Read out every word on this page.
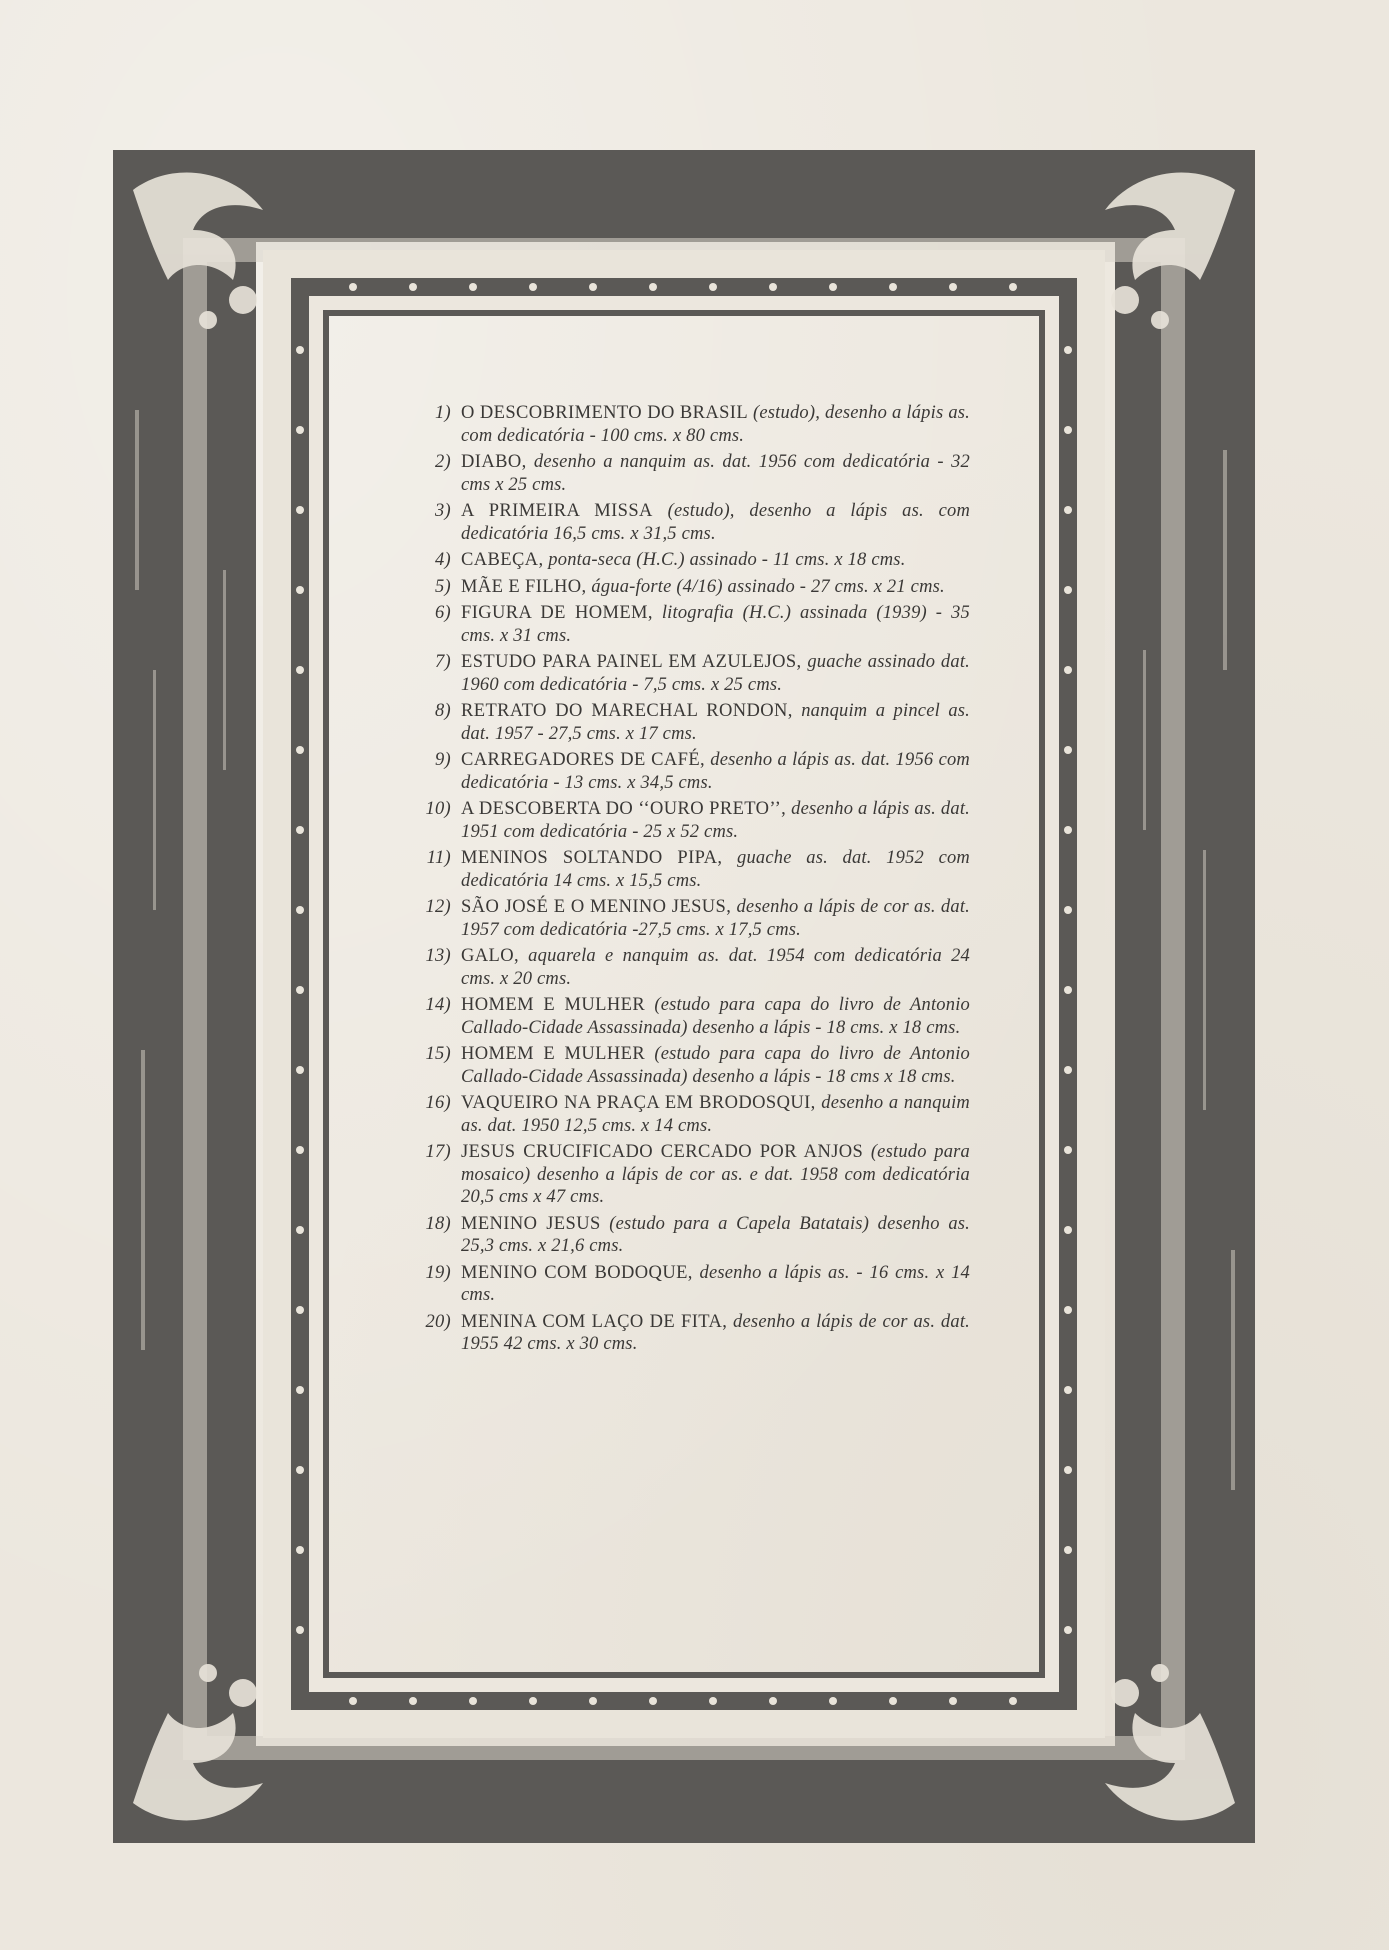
1) O DESCOBRIMENTO DO BRASIL (estudo), desenho a lápis as. com dedicatória - 100 cms. x 80 cms.
2) DIABO, desenho a nanquim as. dat. 1956 com dedicatória - 32 cms x 25 cms.
3) A PRIMEIRA MISSA (estudo), desenho a lápis as. com dedicatória 16,5 cms. x 31,5 cms.
4) CABEÇA, ponta-seca (H.C.) assinado - 11 cms. x 18 cms.
5) MÃE E FILHO, água-forte (4/16) assinado - 27 cms. x 21 cms.
6) FIGURA DE HOMEM, litografia (H.C.) assinada (1939) - 35 cms. x 31 cms.
7) ESTUDO PARA PAINEL EM AZULEJOS, guache assinado dat. 1960 com dedicatória - 7,5 cms. x 25 cms.
8) RETRATO DO MARECHAL RONDON, nanquim a pincel as. dat. 1957 - 27,5 cms. x 17 cms.
9) CARREGADORES DE CAFÉ, desenho a lápis as. dat. 1956 com dedicatória - 13 cms. x 34,5 cms.
10) A DESCOBERTA DO ‘‘OURO PRETO’’, desenho a lápis as. dat. 1951 com dedicatória - 25 x 52 cms.
11) MENINOS SOLTANDO PIPA, guache as. dat. 1952 com dedicatória 14 cms. x 15,5 cms.
12) SÃO JOSÉ E O MENINO JESUS, desenho a lápis de cor as. dat. 1957 com dedicatória -27,5 cms. x 17,5 cms.
13) GALO, aquarela e nanquim as. dat. 1954 com dedicatória 24 cms. x 20 cms.
14) HOMEM E MULHER (estudo para capa do livro de Antonio Callado-Cidade Assassinada) desenho a lápis - 18 cms. x 18 cms.
15) HOMEM E MULHER (estudo para capa do livro de Antonio Callado-Cidade Assassinada) desenho a lápis - 18 cms x 18 cms.
16) VAQUEIRO NA PRAÇA EM BRODOSQUI, desenho a nanquim as. dat. 1950 12,5 cms. x 14 cms.
17) JESUS CRUCIFICADO CERCADO POR ANJOS (estudo para mosaico) desenho a lápis de cor as. e dat. 1958 com dedicatória 20,5 cms x 47 cms.
18) MENINO JESUS (estudo para a Capela Batatais) desenho as. 25,3 cms. x 21,6 cms.
19) MENINO COM BODOQUE, desenho a lápis as. - 16 cms. x 14 cms.
20) MENINA COM LAÇO DE FITA, desenho a lápis de cor as. dat. 1955 42 cms. x 30 cms.
